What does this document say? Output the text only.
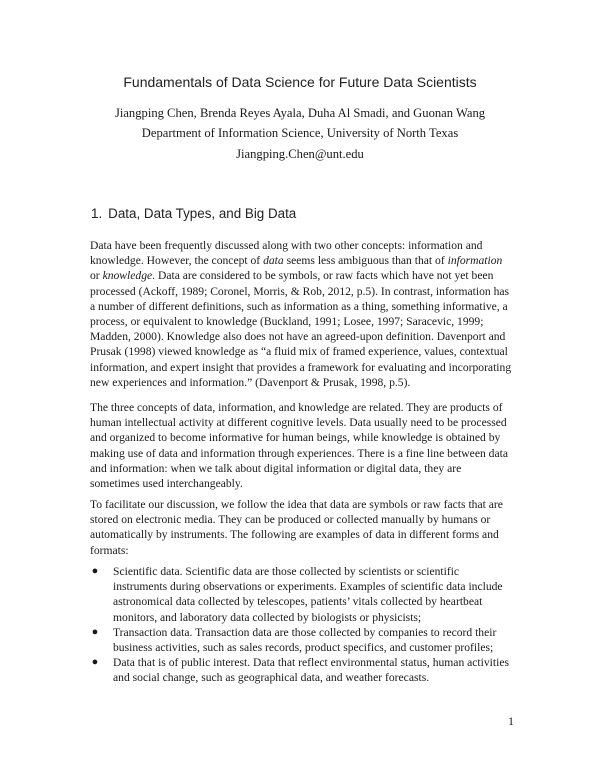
Fundamentals of Data Science for Future Data Scientists
Jiangping Chen, Brenda Reyes Ayala, Duha Al Smadi, and Guonan Wang
Department of Information Science, University of North Texas
Jiangping.Chen@unt.edu
1. Data, Data Types, and Big Data

Data have been frequently discussed along with two other concepts: information and knowledge. However, the concept of data seems less ambiguous than that of information or knowledge. Data are considered to be symbols, or raw facts which have not yet been processed (Ackoff, 1989; Coronel, Morris, & Rob, 2012, p.5). In contrast, information has a number of different definitions, such as information as a thing, something informative, a process, or equivalent to knowledge (Buckland, 1991; Losee, 1997; Saracevic, 1999; Madden, 2000). Knowledge also does not have an agreed-upon definition. Davenport and Prusak (1998) viewed knowledge as “a fluid mix of framed experience, values, contextual information, and expert insight that provides a framework for evaluating and incorporating new experiences and information.” (Davenport & Prusak, 1998, p.5).

The three concepts of data, information, and knowledge are related. They are products of human intellectual activity at different cognitive levels. Data usually need to be processed and organized to become informative for human beings, while knowledge is obtained by making use of data and information through experiences. There is a fine line between data and information: when we talk about digital information or digital data, they are sometimes used interchangeably.

To facilitate our discussion, we follow the idea that data are symbols or raw facts that are stored on electronic media. They can be produced or collected manually by humans or automatically by instruments. The following are examples of data in different forms and formats:

● Scientific data. Scientific data are those collected by scientists or scientific instruments during observations or experiments. Examples of scientific data include astronomical data collected by telescopes, patients’ vitals collected by heartbeat monitors, and laboratory data collected by biologists or physicists;
● Transaction data. Transaction data are those collected by companies to record their business activities, such as sales records, product specifics, and customer profiles;
● Data that is of public interest. Data that reflect environmental status, human activities and social change, such as geographical data, and weather forecasts.
1
